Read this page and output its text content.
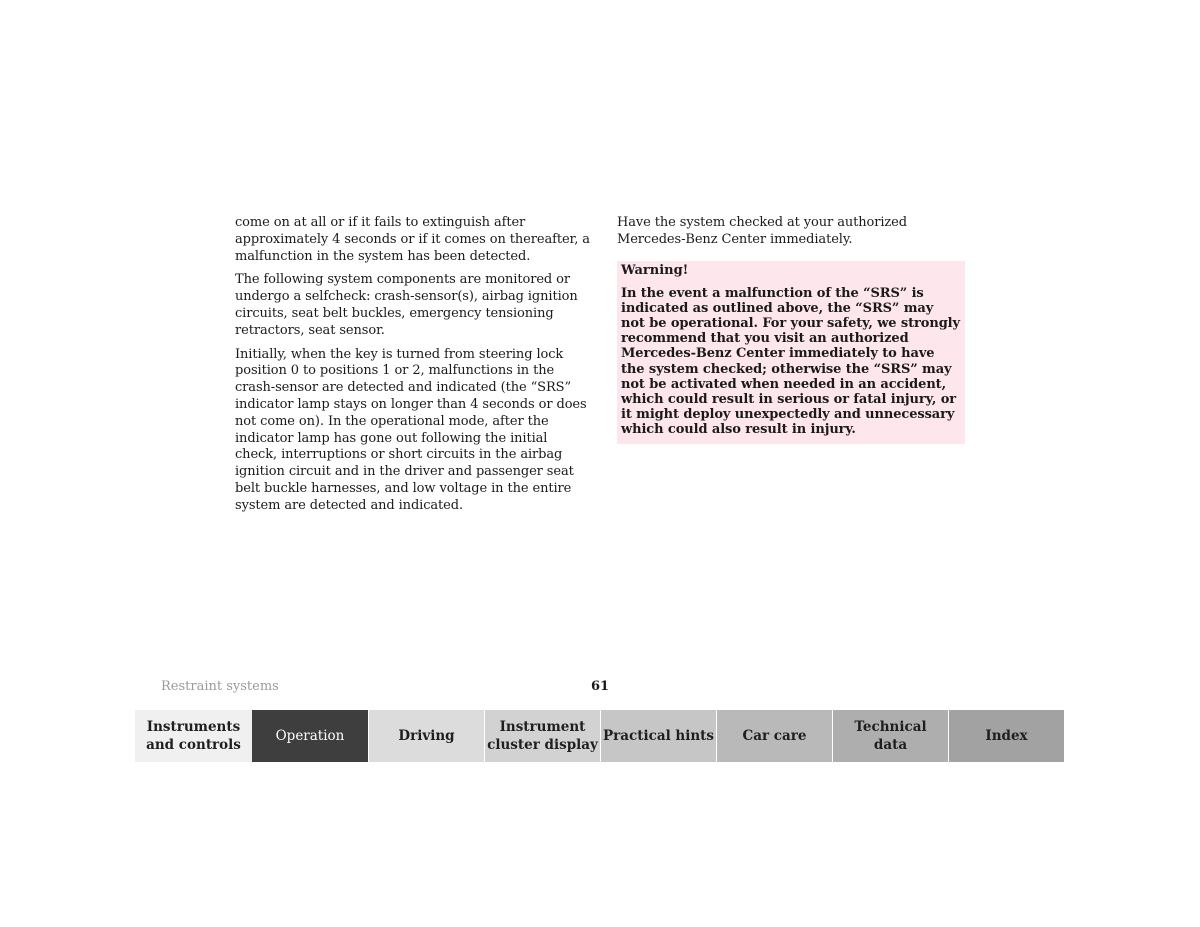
come on at all or if it fails to extinguish after approximately 4 seconds or if it comes on thereafter, a malfunction in the system has been detected.

The following system components are monitored or undergo a selfcheck: crash-sensor(s), airbag ignition circuits, seat belt buckles, emergency tensioning retractors, seat sensor.

Initially, when the key is turned from steering lock position 0 to positions 1 or 2, malfunctions in the crash-sensor are detected and indicated (the “SRS” indicator lamp stays on longer than 4 seconds or does not come on). In the operational mode, after the indicator lamp has gone out following the initial check, interruptions or short circuits in the airbag ignition circuit and in the driver and passenger seat belt buckle harnesses, and low voltage in the entire system are detected and indicated.

Have the system checked at your authorized Mercedes-Benz Center immediately.

Warning!

In the event a malfunction of the “SRS” is indicated as outlined above, the “SRS” may not be operational. For your safety, we strongly recommend that you visit an authorized Mercedes-Benz Center immediately to have the system checked; otherwise the “SRS” may not be activated when needed in an accident, which could result in serious or fatal injury, or it might deploy unexpectedly and unnecessary which could also result in injury.

Restraint systems	61
Instruments
and controls
Operation	Driving
Instrument
cluster display
Practical hints Car care
Technical
data
Index
